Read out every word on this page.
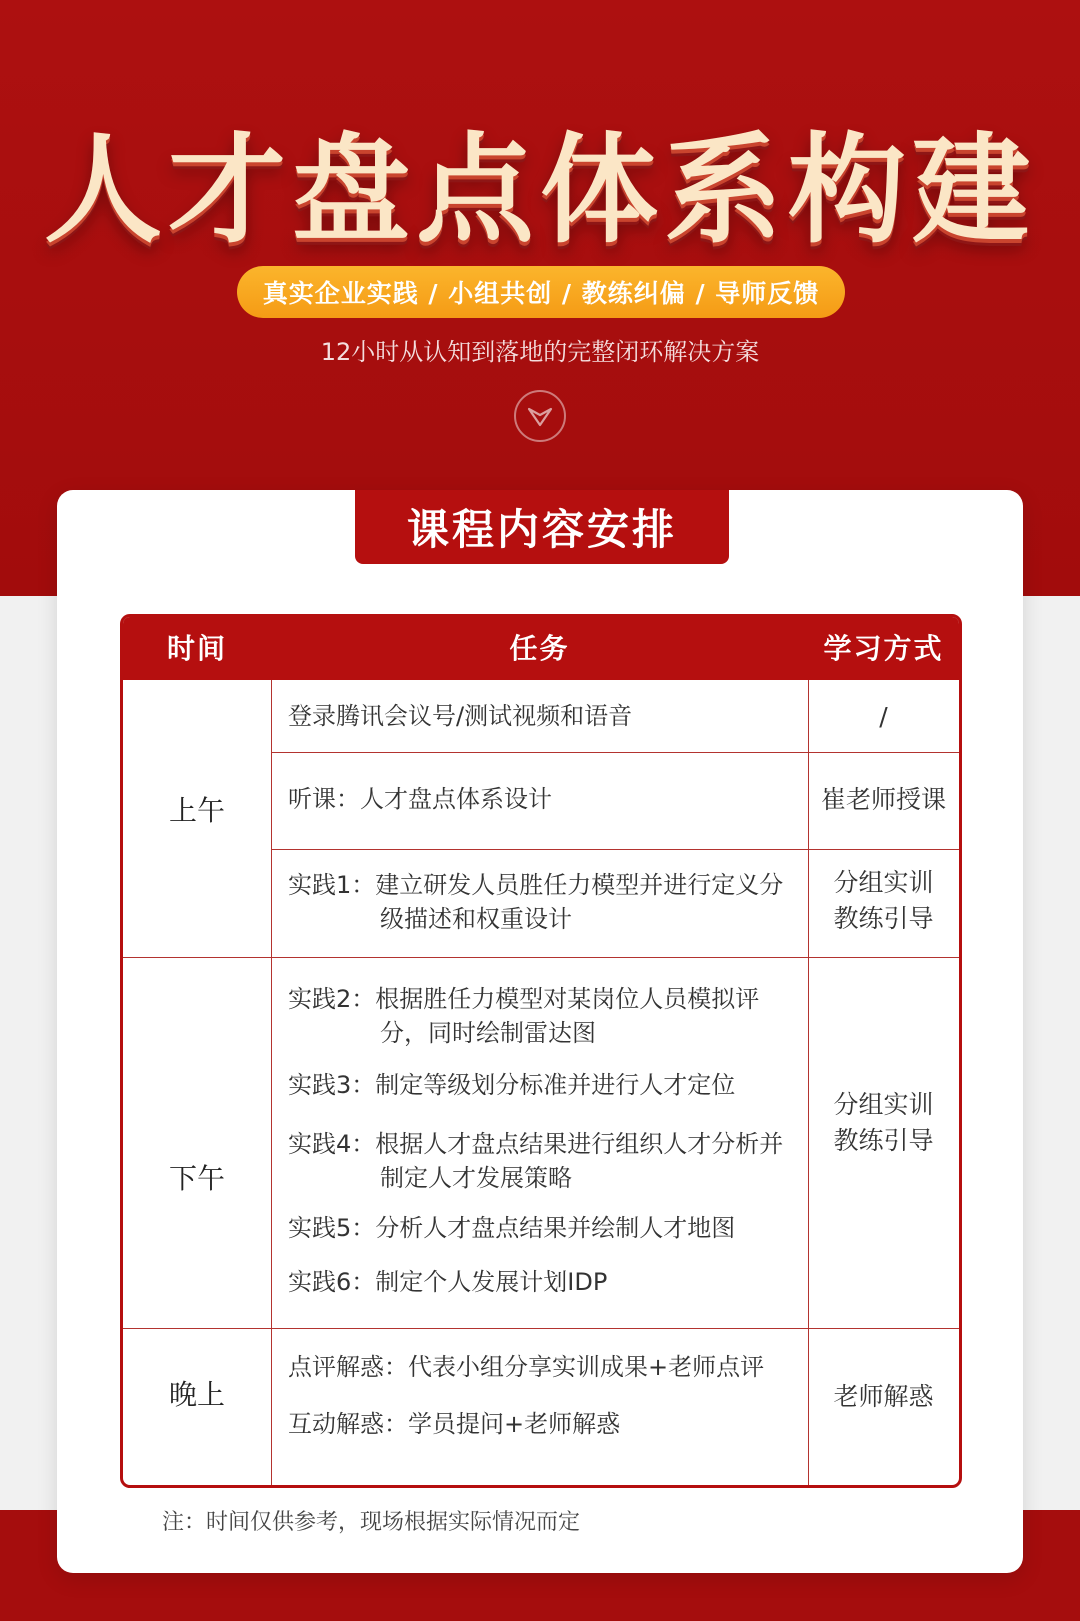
人才盘点体系构建
真实企业实践 / 小组共创 / 教练纠偏 / 导师反馈
12小时从认知到落地的完整闭环解决方案
课程内容安排
时间	任务	学习方式
上午
下午
晚上
登录腾讯会议号/测试视频和语音
听课：人才盘点体系设计
实践1：建立研发人员胜任力模型并进行定义分级描述和权重设计
实践2：根据胜任力模型对某岗位人员模拟评分，同时绘制雷达图
实践3：制定等级划分标准并进行人才定位
实践4：根据人才盘点结果进行组织人才分析并制定人才发展策略
实践5：分析人才盘点结果并绘制人才地图
实践6：制定个人发展计划IDP
点评解惑：代表小组分享实训成果+老师点评
互动解惑：学员提问+老师解惑
/
崔老师授课
分组实训
教练引导
分组实训
教练引导
老师解惑
注：时间仅供参考，现场根据实际情况而定
